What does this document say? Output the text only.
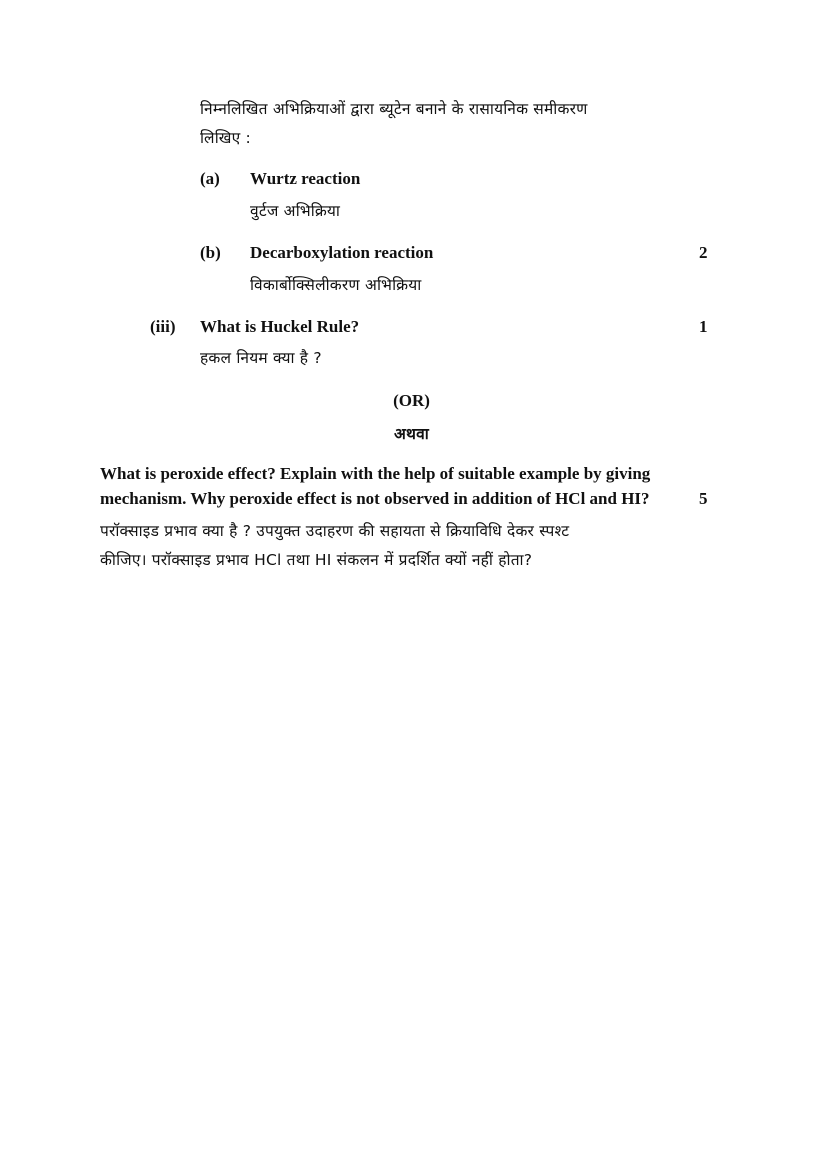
निम्नलिखित अभिक्रियाओं द्वारा ब्यूटेन बनाने के रासायनिक समीकरण
लिखिए :
(a) Wurtz reaction
वुर्टज अभिक्रिया
(b) Decarboxylation reaction	2
विकार्बोक्सिलीकरण अभिक्रिया
(iii) What is Huckel Rule?	1
हकल नियम क्या है ?
(OR)
अथवा
What is peroxide effect? Explain with the help of suitable example by giving
mechanism. Why peroxide effect is not observed in addition of HCl and HI?	5
परॉक्साइड प्रभाव क्या है ? उपयुक्त उदाहरण की सहायता से क्रियाविधि देकर स्पश्ट
कीजिए। परॉक्साइड प्रभाव HCl तथा HI संकलन में प्रदर्शित क्यों नहीं होता?
